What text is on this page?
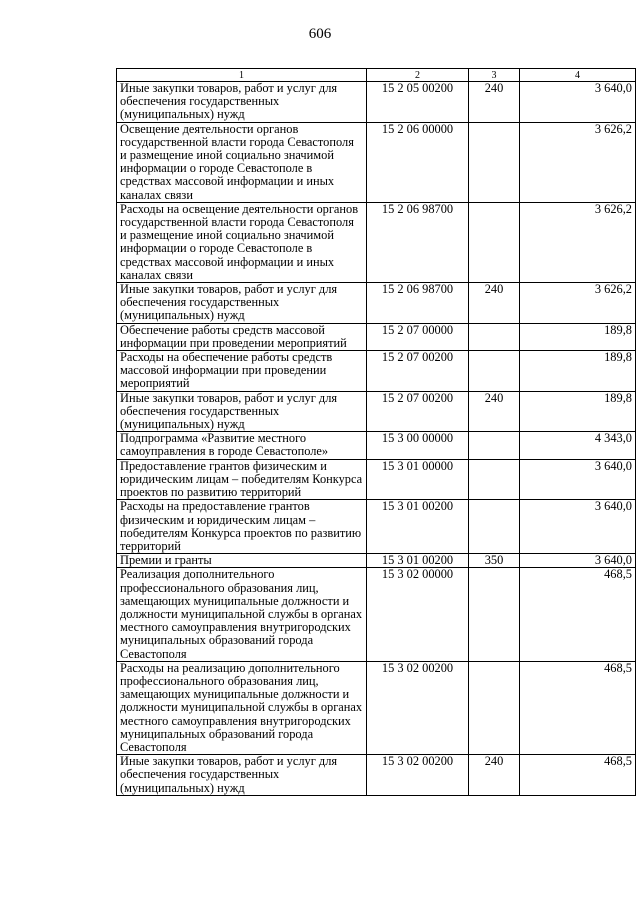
606
1	2	3	4
Иные закупки товаров, работ и услуг для обеспечения государственных (муниципальных) нужд	15 2 05 00200	240	3 640,0
Освещение деятельности органов государственной власти города Севастополя и размещение иной социально значимой информации о городе Севастополе в средствах массовой информации и иных каналах связи	15 2 06 00000		3 626,2
Расходы на освещение деятельности органов государственной власти города Севастополя и размещение иной социально значимой информации о городе Севастополе в средствах массовой информации и иных каналах связи	15 2 06 98700		3 626,2
Иные закупки товаров, работ и услуг для обеспечения государственных (муниципальных) нужд	15 2 06 98700	240	3 626,2
Обеспечение работы средств массовой информации при проведении мероприятий	15 2 07 00000		189,8
Расходы на обеспечение работы средств массовой информации при проведении мероприятий	15 2 07 00200		189,8
Иные закупки товаров, работ и услуг для обеспечения государственных (муниципальных) нужд	15 2 07 00200	240	189,8
Подпрограмма «Развитие местного самоуправления в городе Севастополе»	15 3 00 00000		4 343,0
Предоставление грантов физическим и юридическим лицам – победителям Конкурса проектов по развитию территорий	15 3 01 00000		3 640,0
Расходы на предоставление грантов физическим и юридическим лицам – победителям Конкурса проектов по развитию территорий	15 3 01 00200		3 640,0
Премии и гранты	15 3 01 00200	350	3 640,0
Реализация дополнительного профессионального образования лиц, замещающих муниципальные должности и должности муниципальной службы в органах местного самоуправления внутригородских муниципальных образований города Севастополя	15 3 02 00000		468,5
Расходы на реализацию дополнительного профессионального образования лиц, замещающих муниципальные должности и должности муниципальной службы в органах местного самоуправления внутригородских муниципальных образований города Севастополя	15 3 02 00200		468,5
Иные закупки товаров, работ и услуг для обеспечения государственных (муниципальных) нужд	15 3 02 00200	240	468,5
